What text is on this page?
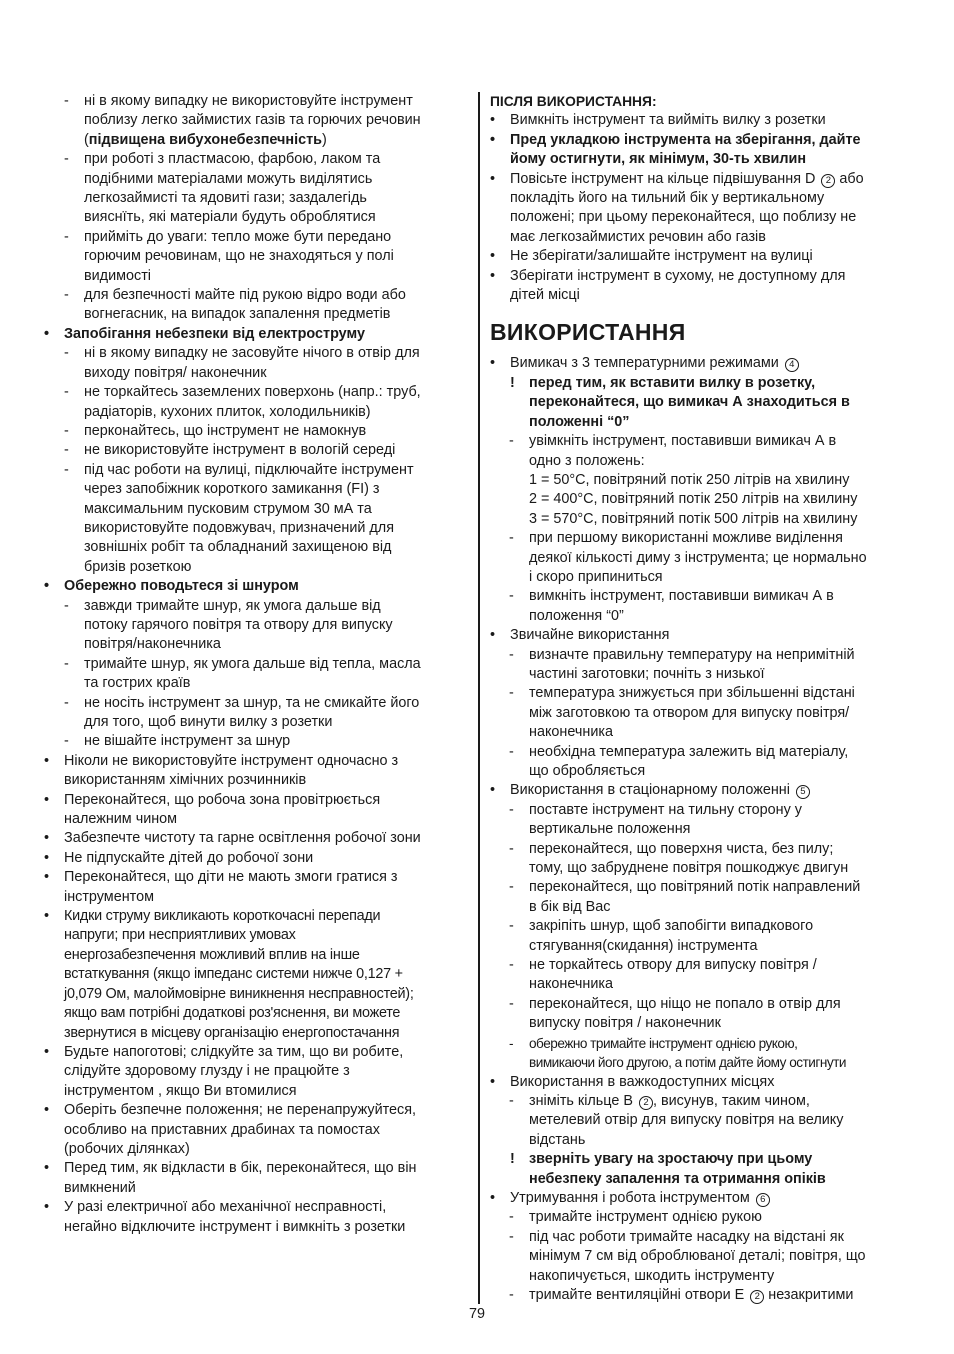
- ні в якому випадку не використовуйте інструмент
поблизу легко займистих газів та горючих речовин
(підвищена вибухонебезпечність)
- при роботі з пластмасою, фарбою, лаком та
подібними матеріалами можуть виділятись
легкозаймисті та ядовиті гази; заздалегідь
вияснїть, які матеріали будуть оброблятися
- прийміть до уваги: тепло може бути передано
горючим речовинам, що не знаходяться у полі
видимості
- для безпечності майте під рукою відро води або
вогнегасник, на випадок запалення предметів
• Запобігання небезпеки від електроструму
- ні в якому випадку не засовуйте нічого в отвір для
виходу повітря/ наконечник
- не торкайтесь заземлених поверхонь (напр.: труб,
радіаторів, кухоних плиток, холодильників)
- перконайтесь, що інструмент не намокнув
- не використовуйте інструмент в вологій середі
- під час роботи на вулиці, підключайте інструмент
через запобіжник короткого замикання (FI) з
максимальним пусковим струмом 30 мА та
використовуйте подовжувач, призначений для
зовнішніх робіт та обладнаний захищеною від
бризів розеткою
• Обережно поводьтеся зі шнуром
- завжди тримайте шнур, як умога дальше від
потоку гарячого повітря та отвору для випуску
повітря/наконечника
- тримайте шнур, як умога дальше від тепла, масла
та гострих країв
- не носіть інструмент за шнур, та не смикайте його
для того, щоб винути вилку з розетки
- не вішайте інструмент за шнур
• Ніколи не використовуйте інструмент одночасно з
використанням хімічних розчинників
• Переконайтеся, що робоча зона провітрюється
належним чином
• Забезпечте чистоту та гарне освітлення робочої зони
• Не підпускайте дітей до робочої зони
• Переконайтеся, що діти не мають змоги гратися з
інструментом
• Кидки струму викликають короткочасні перепади
напруги; при несприятливих умовах
енергозабезпечення можливий вплив на інше
встаткування (якщо імпеданс системи нижче 0,127 +
j0,079 Ом, малоймовірне виникнення несправностей);
якщо вам потрібні додаткові роз'яснення, ви можете
звернутися в місцеву організацію енергопостачання
• Будьте напоготові; слідкуйте за тим, що ви робите,
слідуйте здоровому глузду і не працюйте з
інструментом , якщо Ви втомилися
• Оберіть безпечне положення; не перенапружуйтеся,
особливо на приставних драбинах та помостах
(робочих ділянках)
• Перед тим, як відкласти в бік, переконайтеся, що він
вимкнений
• У разі електричної або механічної несправності,
негайно відключите інструмент і вимкніть з розетки
ПІСЛЯ ВИКОРИСТАННЯ:
• Вимкніть інструмент та вийміть вилку з розетки
• Пред укладкою інструмента на зберігання, дайте
йому остигнути, як мінімум, 30-ть хвилин
• Повісьте інструмент на кільце підвішування D 2 або
покладіть його на тильний бік у вертикальному
положені; при цьому переконайтеся, що поблизу не
має легкозаймистих речовин або газів
• Не зберігати/залишайте інструмент на вулиці
• Зберігати інструмент в сухому, не доступному для
дітей місці
ВИКОРИСТАННЯ
• Вимикач з 3 температурними режимами 4
! перед тим, як вставити вилку в розетку,
переконайтеся, що вимикач А знаходиться в
положенні “0”
- увімкніть інструмент, поставивши вимикач А в
одно з положень:
1 = 50°C, повітряний потік 250 літрів на хвилину
2 = 400°C, повітряний потік 250 літрів на хвилину
3 = 570°C, повітряний потік 500 літрів на хвилину
- при першому використанні можливе виділення
деякої кількості диму з інструмента; це нормально
і скоро припиниться
- вимкніть інструмент, поставивши вимикач А в
положення “0”
• Звичайне використання
- визначте правильну температуру на непримітній
частині заготовки; почніть з низької
- температура знижується при збільшенні відстані
між заготовкою та отвором для випуску повітря/
наконечника
- необхідна температура залежить від матеріалу,
що обробляється
• Використання в стаціонарному положенні 5
- поставте інструмент на тильну сторону у
вертикальне положення
- переконайтеся, що поверхня чиста, без пилу;
тому, що забруднене повітря пошкоджує двигун
- переконайтеся, що повітряний потік направлений
в бік від Вас
- закріпіть шнур, щоб запобігти випадкового
стягування(скидання) інструмента
- не торкайтесь отвору для випуску повітря /
наконечника
- переконайтеся, що ніщо не попало в отвір для
випуску повітря / наконечник
- обережно тримайте інструмент однією рукою,
вимикаючи його другою, а потім дайте йому остигнути
• Використання в важкодоступних місцях
- зніміть кільце B 2 , висунув, таким чином,
метелевий отвір для випуску повітря на велику
відстань
! зверніть увагу на зростаючу при цьому
небезпеку запалення та отримання опіків
• Утримування і робота інструментом 6
- тримайте інструмент однією рукою
- під час роботи тримайте насадку на відстані як
мінімум 7 см від оброблюваної деталі; повітря, що
накопичується, шкодить інструменту
- тримайте вентиляційні отвори E 2 незакритими
79
